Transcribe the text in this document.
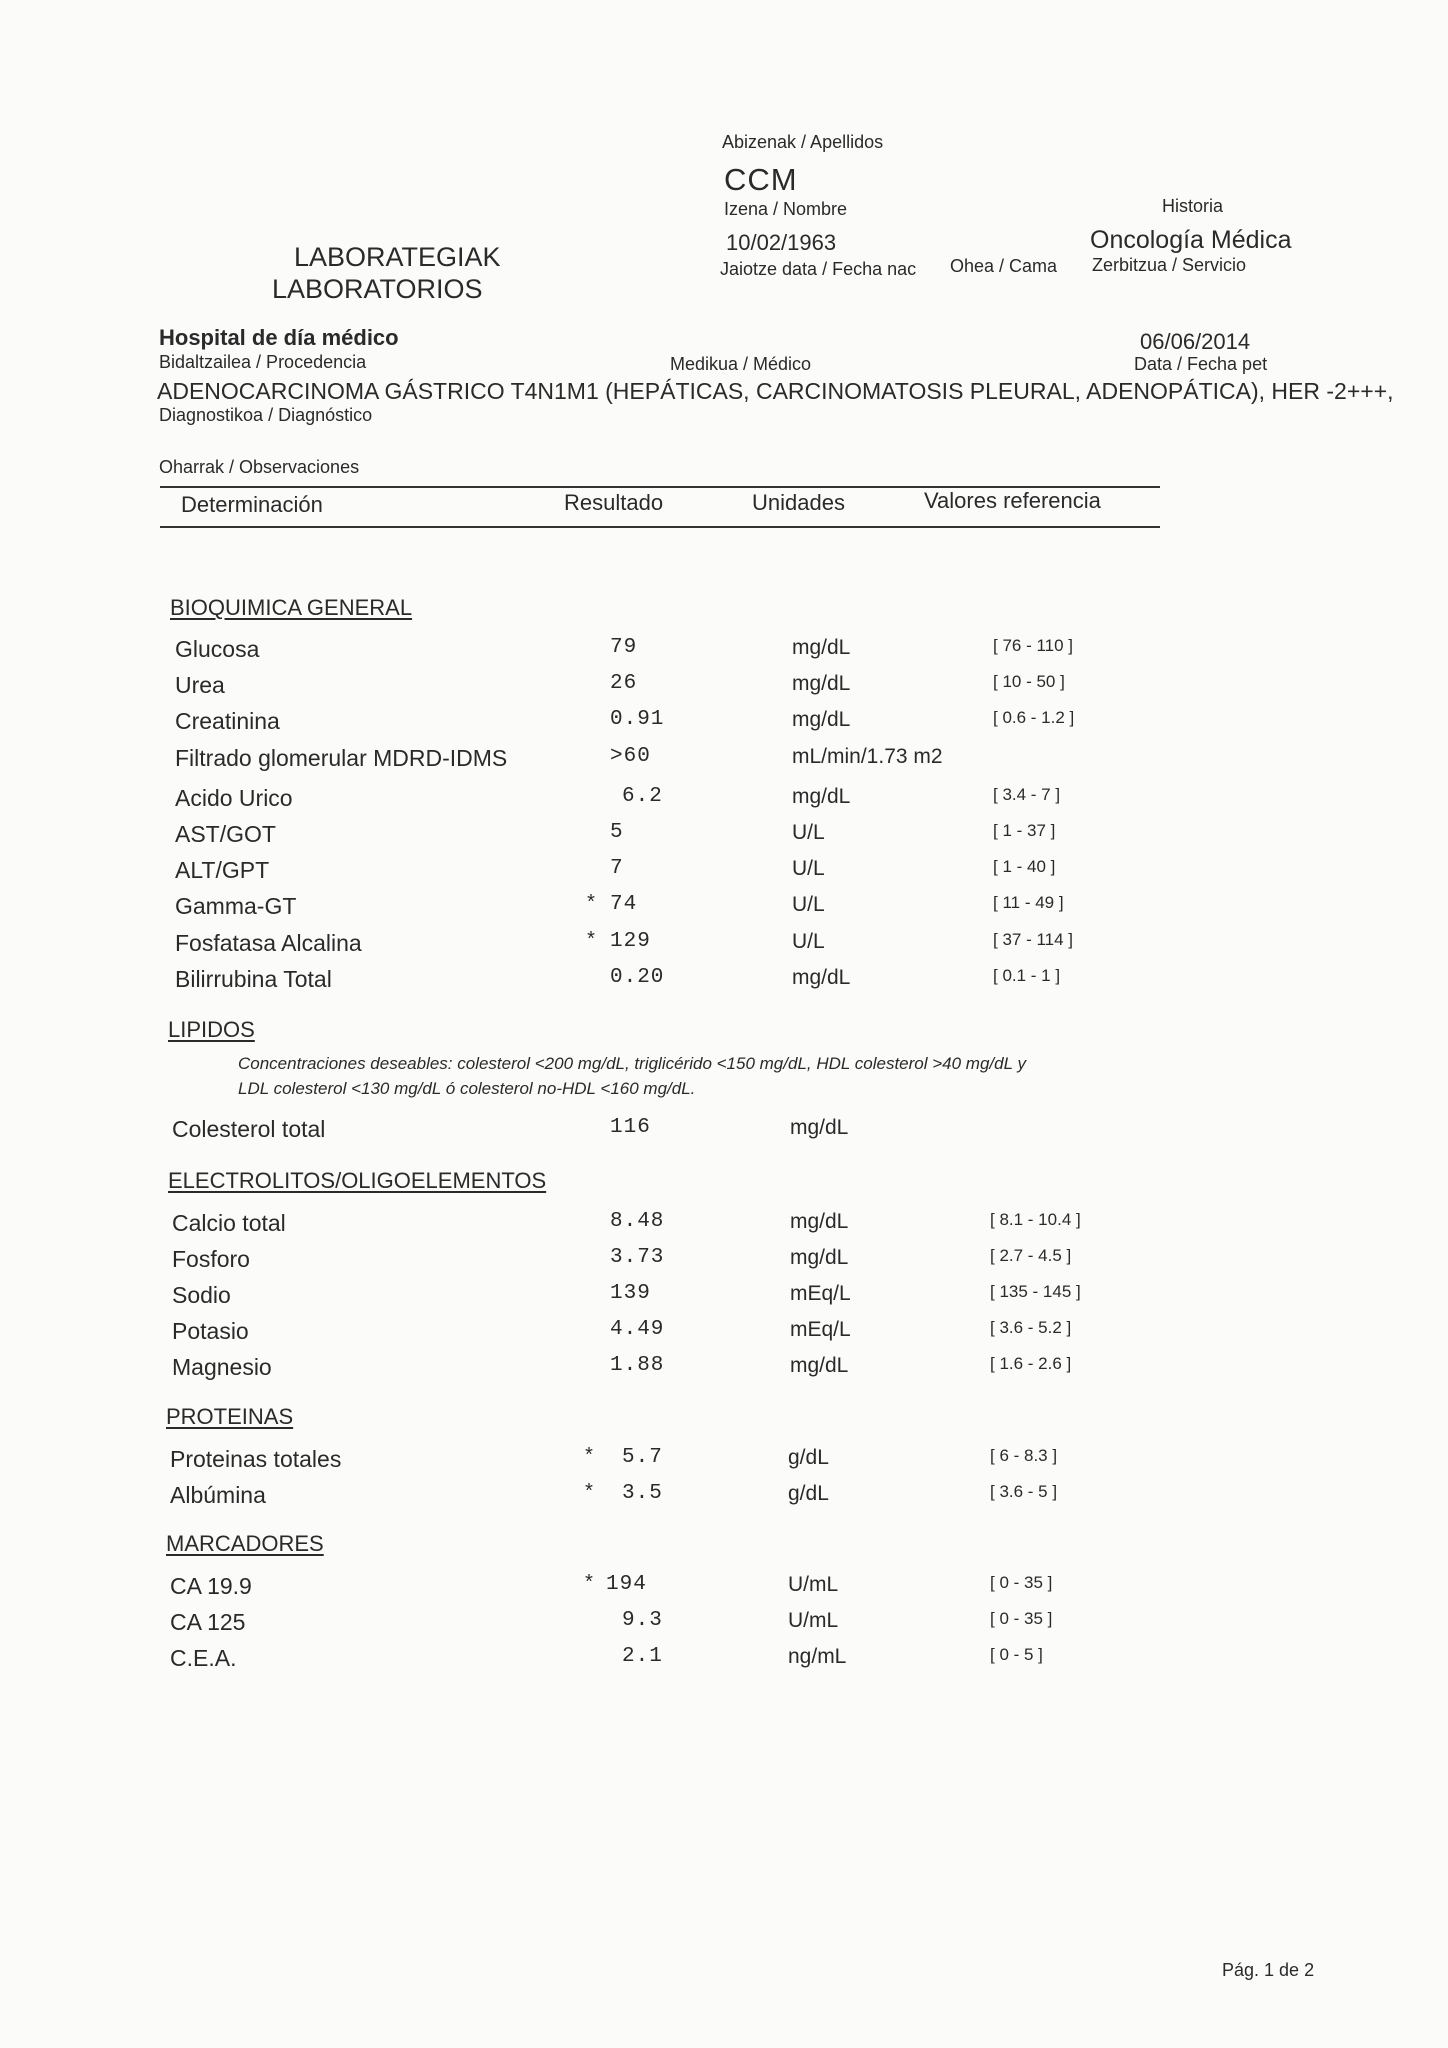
Abizenak / Apellidos
CCM
Izena / Nombre	Historia
LABORATEGIAK
LABORATORIOS
10/02/1963
Jaiotze data / Fecha nac Ohea / Cama
Oncología Médica
Zerbitzua / Servicio
Hospital de día médico
Bidaltzailea / Procedencia	Medikua / Médico
06/06/2014
Data / Fecha pet
ADENOCARCINOMA GÁSTRICO T4N1M1 (HEPÁTICAS, CARCINOMATOSIS PLEURAL, ADENOPÁTICA), HER -2+++,
Diagnostikoa / Diagnóstico
Oharrak / Observaciones
Determinación	Resultado	Unidades	Valores referencia
BIOQUIMICA GENERAL
LIPIDOS
Concentraciones deseables: colesterol <200 mg/dL, triglicérido <150 mg/dL, HDL colesterol >40 mg/dL y
LDL colesterol <130 mg/dL ó colesterol no-HDL <160 mg/dL.
ELECTROLITOS/OLIGOELEMENTOS
PROTEINAS
MARCADORES
Glucosa	79	mg/dL	[ 76 - 110 ]
Urea	26	mg/dL	[ 10 - 50 ]
Creatinina	0.91	mg/dL	[ 0.6 - 1.2 ]
Filtrado glomerular MDRD-IDMS	>60	mL/min/1.73 m2
Acido Urico	6.2	mg/dL	[ 3.4 - 7 ]
AST/GOT	5	U/L	[ 1 - 37 ]
ALT/GPT	7	U/L	[ 1 - 40 ]
Gamma-GT	* 74	U/L	[ 11 - 49 ]
Fosfatasa Alcalina	* 129	U/L	[ 37 - 114 ]
Bilirrubina Total	0.20	mg/dL	[ 0.1 - 1 ]
Colesterol total	116	mg/dL
Calcio total	8.48	mg/dL	[ 8.1 - 10.4 ]
Fosforo	3.73	mg/dL	[ 2.7 - 4.5 ]
Sodio	139	mEq/L	[ 135 - 145 ]
Potasio	4.49	mEq/L	[ 3.6 - 5.2 ]
Magnesio	1.88	mg/dL	[ 1.6 - 2.6 ]
Proteinas totales	* 5.7	g/dL	[ 6 - 8.3 ]
Albúmina	* 3.5	g/dL	[ 3.6 - 5 ]
CA 19.9	* 194	U/mL	[ 0 - 35 ]
CA 125	9.3	U/mL	[ 0 - 35 ]
C.E.A.	2.1	ng/mL	[ 0 - 5 ]
Pág. 1 de 2
